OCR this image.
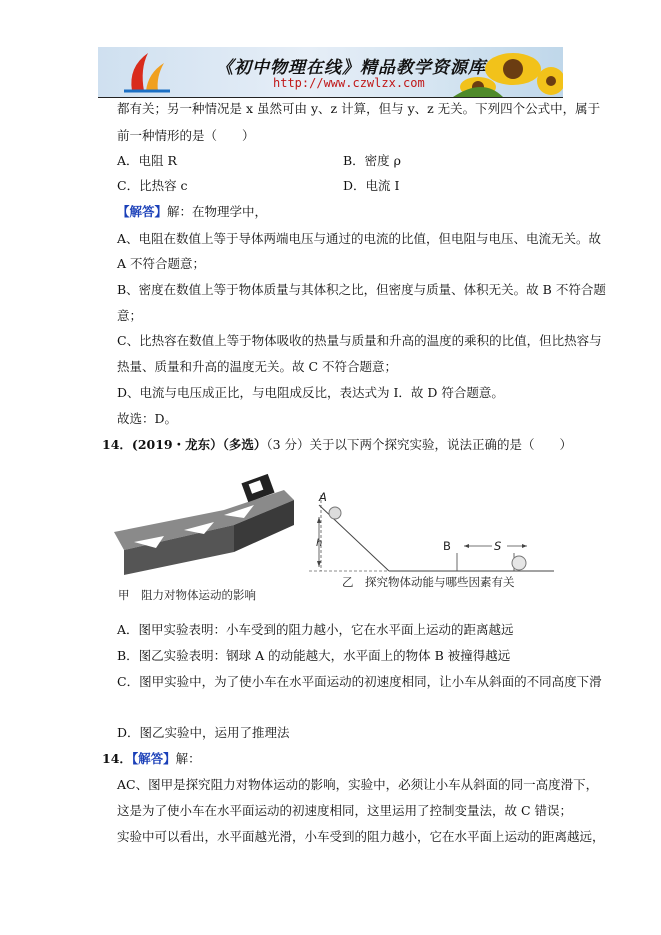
《初中物理在线》精品教学资源库
http://www.czwlzx.com
都有关；另一种情况是 x 虽然可由 y、z 计算，但与 y、z 无关。下列四个公式中，属于
前一种情形的是（　　）
A．电阻 R	B．密度 ρ
C．比热容 c	D．电流 I
【解答】解：在物理学中，
A、电阻在数值上等于导体两端电压与通过的电流的比值，但电阻与电压、电流无关。故
A 不符合题意；
B、密度在数值上等于物体质量与其体积之比，但密度与质量、体积无关。故 B 不符合题
意；
C、比热容在数值上等于物体吸收的热量与质量和升高的温度的乘积的比值，但比热容与
热量、质量和升高的温度无关。故 C 不符合题意；
D、电流与电压成正比，与电阻成反比，表达式为 I．故 D 符合题意。
故选：D。
14．(2019・龙东）（多选）（3 分）关于以下两个探究实验，说法正确的是（　　）
A
h	B	S
甲　阻力对物体运动的影响
乙　探究物体动能与哪些因素有关
A．图甲实验表明：小车受到的阻力越小，它在水平面上运动的距离越远
B．图乙实验表明：钢球 A 的动能越大，水平面上的物体 B 被撞得越远
C．图甲实验中，为了使小车在水平面运动的初速度相同，让小车从斜面的不同高度下滑
D．图乙实验中，运用了推理法
14．【解答】解：
AC、图甲是探究阻力对物体运动的影响，实验中，必须让小车从斜面的同一高度滑下，
这是为了使小车在水平面运动的初速度相同，这里运用了控制变量法，故 C 错误；
实验中可以看出，水平面越光滑，小车受到的阻力越小，它在水平面上运动的距离越远，
